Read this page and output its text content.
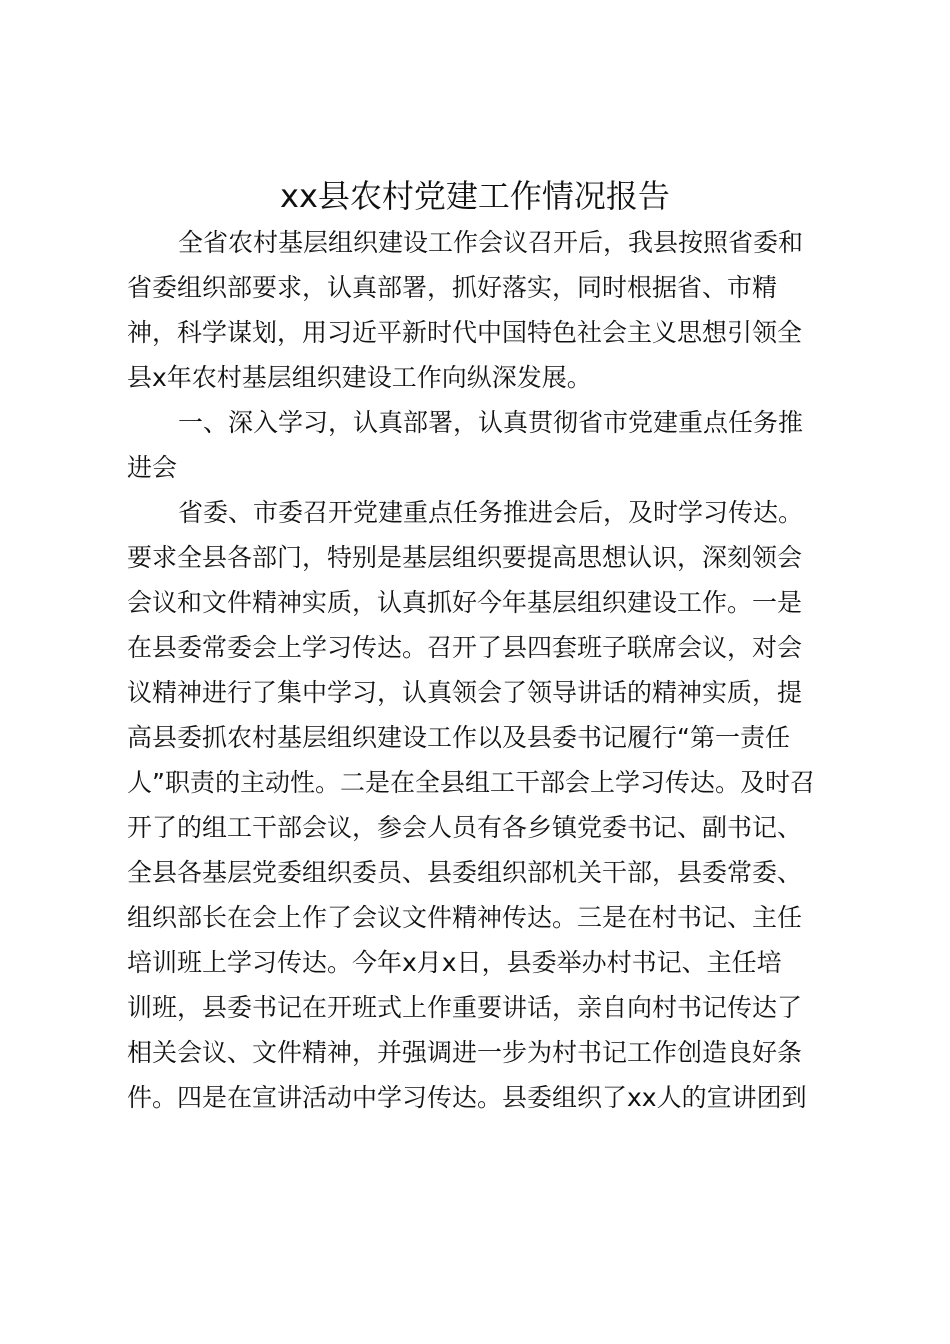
xx县农村党建工作情况报告
全省农村基层组织建设工作会议召开后，我县按照省委和
省委组织部要求，认真部署，抓好落实，同时根据省、市精
神，科学谋划，用习近平新时代中国特色社会主义思想引领全
县x年农村基层组织建设工作向纵深发展。
一、深入学习，认真部署，认真贯彻省市党建重点任务推
进会
省委、市委召开党建重点任务推进会后，及时学习传达。
要求全县各部门，特别是基层组织要提高思想认识，深刻领会
会议和文件精神实质，认真抓好今年基层组织建设工作。一是
在县委常委会上学习传达。召开了县四套班子联席会议，对会
议精神进行了集中学习，认真领会了领导讲话的精神实质，提
高县委抓农村基层组织建设工作以及县委书记履行“第一责任
人”职责的主动性。二是在全县组工干部会上学习传达。及时召
开了的组工干部会议，参会人员有各乡镇党委书记、副书记、
全县各基层党委组织委员、县委组织部机关干部，县委常委、
组织部长在会上作了会议文件精神传达。三是在村书记、主任
培训班上学习传达。今年x月x日，县委举办村书记、主任培
训班，县委书记在开班式上作重要讲话，亲自向村书记传达了
相关会议、文件精神，并强调进一步为村书记工作创造良好条
件。四是在宣讲活动中学习传达。县委组织了xx人的宣讲团到
